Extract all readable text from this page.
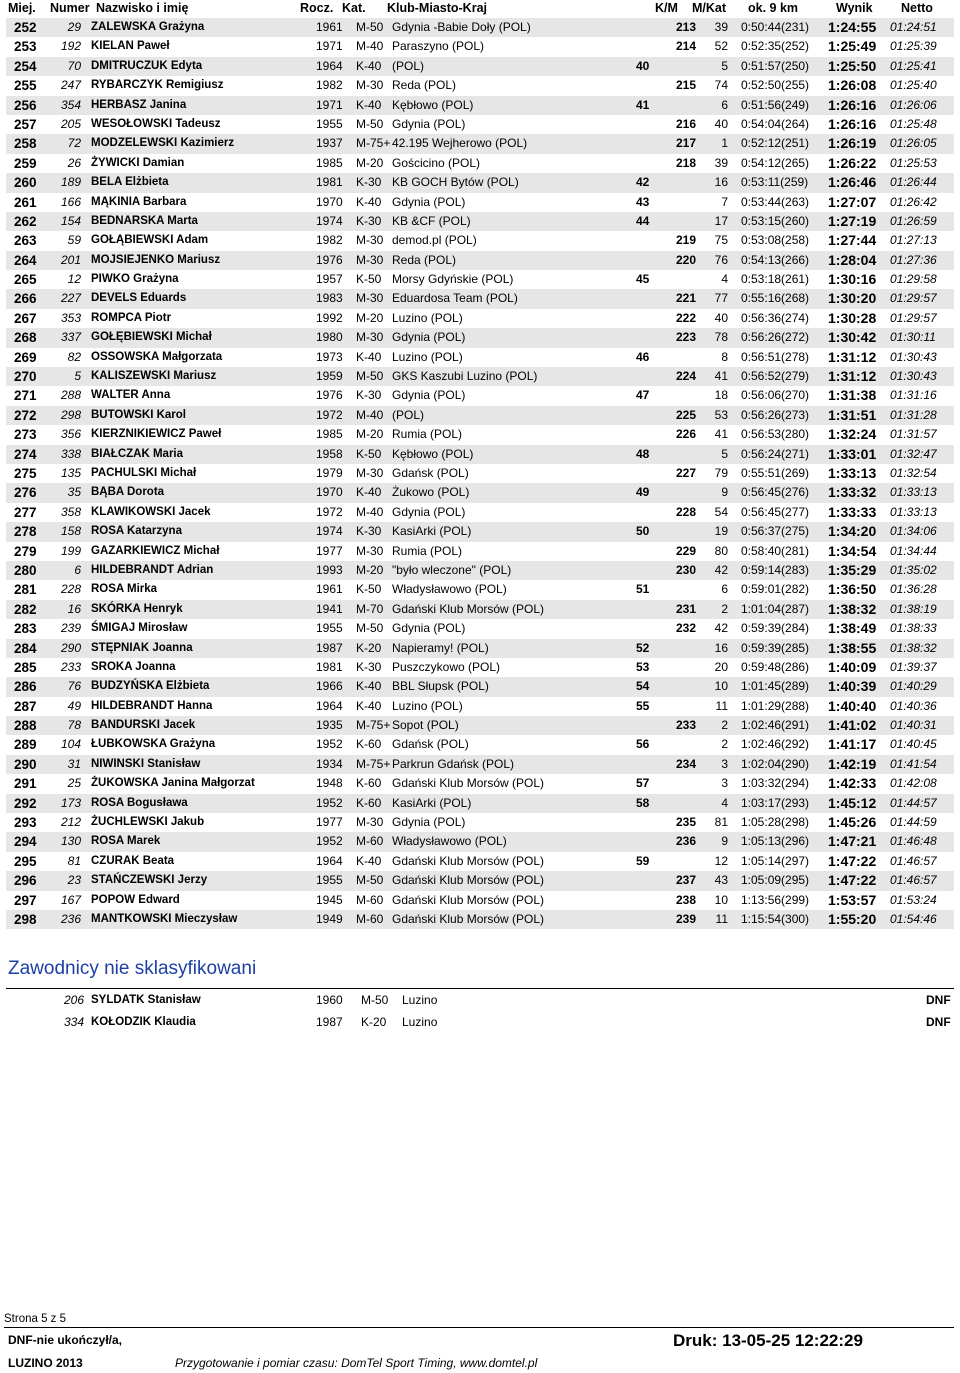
Miej. Numer Nazwisko i imię	Rocz. Kat. Klub-Miasto-Kraj	K/M M/Kat ok. 9 km	Wynik Netto
252	29 ZALEWSKA Grażyna	1961 M-50 Gdynia -Babie Doły (POL)	213	39 0:50:44(231) 1:24:55 01:24:51
253	192 KIELAN Paweł	1971 M-40 Paraszyno (POL)	214	52 0:52:35(252) 1:25:49 01:25:39
254	70 DMITRUCZUK Edyta	1964 K-40 (POL)	40	5 0:51:57(250) 1:25:50 01:25:41
255	247 RYBARCZYK Remigiusz	1982 M-30 Reda (POL)	215	74 0:52:50(255) 1:26:08 01:25:40
256	354 HERBASZ Janina	1971 K-40 Kębłowo (POL)	41	6 0:51:56(249) 1:26:16 01:26:06
257	205 WESOŁOWSKI Tadeusz	1955 M-50 Gdynia (POL)	216	40 0:54:04(264) 1:26:16 01:25:48
258	72 MODZELEWSKI Kazimierz	1937 M-75+ 42.195 Wejherowo (POL)	217	1 0:52:12(251) 1:26:19 01:26:05
259	26 ŻYWICKI Damian	1985 M-20 Gościcino (POL)	218	39 0:54:12(265) 1:26:22 01:25:53
260	189 BELA Elżbieta	1981 K-30 KB GOCH Bytów (POL)	42	16 0:53:11(259) 1:26:46 01:26:44
261	166 MĄKINIA Barbara	1970 K-40 Gdynia (POL)	43	7 0:53:44(263) 1:27:07 01:26:42
262	154 BEDNARSKA Marta	1974 K-30 KB &CF (POL)	44	17 0:53:15(260) 1:27:19 01:26:59
263	59 GOŁĄBIEWSKI Adam	1982 M-30 demod.pl (POL)	219	75 0:53:08(258) 1:27:44 01:27:13
264	201 MOJSIEJENKO Mariusz	1976 M-30 Reda (POL)	220	76 0:54:13(266) 1:28:04 01:27:36
265	12 PIWKO Grażyna	1957 K-50 Morsy Gdyńskie (POL)	45	4 0:53:18(261) 1:30:16 01:29:58
266	227 DEVELS Eduards	1983 M-30 Eduardosa Team (POL)	221	77 0:55:16(268) 1:30:20 01:29:57
267	353 ROMPCA Piotr	1992 M-20 Luzino (POL)	222	40 0:56:36(274) 1:30:28 01:29:57
268	337 GOŁĘBIEWSKI Michał	1980 M-30 Gdynia (POL)	223	78 0:56:26(272) 1:30:42 01:30:11
269	82 OSSOWSKA Małgorzata	1973 K-40 Luzino (POL)	46	8 0:56:51(278) 1:31:12 01:30:43
270	5 KALISZEWSKI Mariusz	1959 M-50 GKS Kaszubi Luzino (POL)	224	41 0:56:52(279) 1:31:12 01:30:43
271	288 WALTER Anna	1976 K-30 Gdynia (POL)	47	18 0:56:06(270) 1:31:38 01:31:16
272	298 BUTOWSKI Karol	1972 M-40 (POL)	225	53 0:56:26(273) 1:31:51 01:31:28
273	356 KIERZNIKIEWICZ Paweł	1985 M-20 Rumia (POL)	226	41 0:56:53(280) 1:32:24 01:31:57
274	338 BIAŁCZAK Maria	1958 K-50 Kębłowo (POL)	48	5 0:56:24(271) 1:33:01 01:32:47
275	135 PACHULSKI Michał	1979 M-30 Gdańsk (POL)	227	79 0:55:51(269) 1:33:13 01:32:54
276	35 BĄBA Dorota	1970 K-40 Żukowo (POL)	49	9 0:56:45(276) 1:33:32 01:33:13
277	358 KLAWIKOWSKI Jacek	1972 M-40 Gdynia (POL)	228	54 0:56:45(277) 1:33:33 01:33:13
278	158 ROSA Katarzyna	1974 K-30 KasiArki (POL)	50	19 0:56:37(275) 1:34:20 01:34:06
279	199 GAZARKIEWICZ Michał	1977 M-30 Rumia (POL)	229	80 0:58:40(281) 1:34:54 01:34:44
280	6 HILDEBRANDT Adrian	1993 M-20 "było wleczone" (POL)	230	42 0:59:14(283) 1:35:29 01:35:02
281	228 ROSA Mirka	1961 K-50 Władysławowo (POL)	51	6 0:59:01(282) 1:36:50 01:36:28
282	16 SKÓRKA Henryk	1941 M-70 Gdański Klub Morsów (POL)	231	2 1:01:04(287) 1:38:32 01:38:19
283	239 ŚMIGAJ Mirosław	1955 M-50 Gdynia (POL)	232	42 0:59:39(284) 1:38:49 01:38:33
284	290 STĘPNIAK Joanna	1987 K-20 Napieramy! (POL)	52	16 0:59:39(285) 1:38:55 01:38:32
285	233 SROKA Joanna	1981 K-30 Puszczykowo (POL)	53	20 0:59:48(286) 1:40:09 01:39:37
286	76 BUDZYŃSKA Elżbieta	1966 K-40 BBL Słupsk (POL)	54	10 1:01:45(289) 1:40:39 01:40:29
287	49 HILDEBRANDT Hanna	1964 K-40 Luzino (POL)	55	11 1:01:29(288) 1:40:40 01:40:36
288	78 BANDURSKI Jacek	1935 M-75+ Sopot (POL)	233	2 1:02:46(291) 1:41:02 01:40:31
289	104 ŁUBKOWSKA Grażyna	1952 K-60 Gdańsk (POL)	56	2 1:02:46(292) 1:41:17 01:40:45
290	31 NIWINSKI Stanisław	1934 M-75+ Parkrun Gdańsk (POL)	234	3 1:02:04(290) 1:42:19 01:41:54
291	25 ŻUKOWSKA Janina Małgorzat	1948 K-60 Gdański Klub Morsów (POL)	57	3 1:03:32(294) 1:42:33 01:42:08
292	173 ROSA Bogusława	1952 K-60 KasiArki (POL)	58	4 1:03:17(293) 1:45:12 01:44:57
293	212 ŻUCHLEWSKI Jakub	1977 M-30 Gdynia (POL)	235	81 1:05:28(298) 1:45:26 01:44:59
294	130 ROSA Marek	1952 M-60 Władysławowo (POL)	236	9 1:05:13(296) 1:47:21 01:46:48
295	81 CZURAK Beata	1964 K-40 Gdański Klub Morsów (POL)	59	12 1:05:14(297) 1:47:22 01:46:57
296	23 STAŃCZEWSKI Jerzy	1955 M-50 Gdański Klub Morsów (POL)	237	43 1:05:09(295) 1:47:22 01:46:57
297	167 POPOW Edward	1945 M-60 Gdański Klub Morsów (POL)	238	10 1:13:56(299) 1:53:57 01:53:24
298	236 MANTKOWSKI Mieczysław	1949 M-60 Gdański Klub Morsów (POL)	239	11 1:15:54(300) 1:55:20 01:54:46
Zawodnicy nie sklasyfikowani
206 SYLDATK Stanisław	1960 M-50 Luzino	DNF
334 KOŁODZIK Klaudia	1987 K-20 Luzino	DNF
Strona 5 z 5
DNF-nie ukończył/a,
LUZINO 2013	Przygotowanie i pomiar czasu: DomTel Sport Timing, www.domtel.pl
Druk: 13-05-25 12:22:29
